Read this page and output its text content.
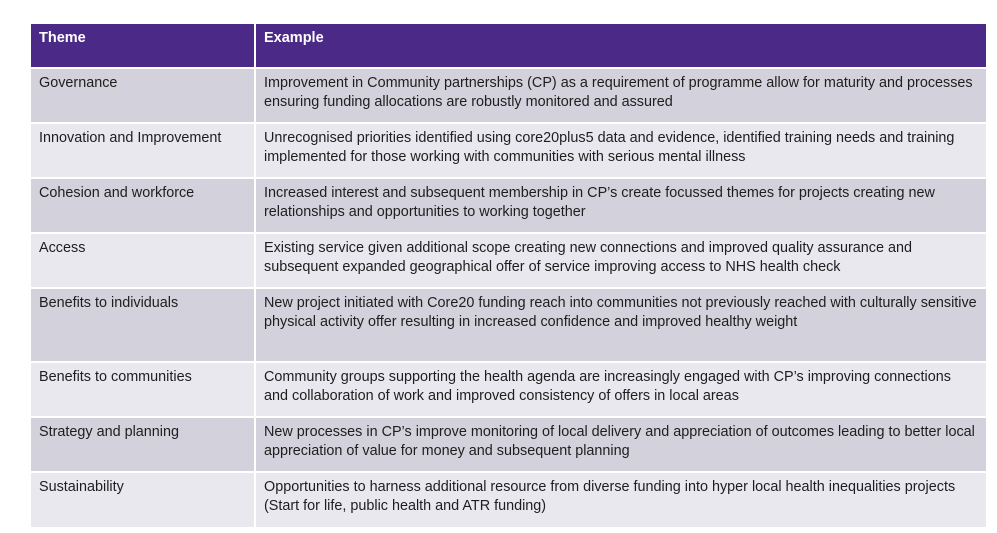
Theme	Example
Governance	Improvement in Community partnerships (CP) as a requirement of programme allow for maturity and processes ensuring funding allocations are robustly monitored and assured
Innovation and Improvement	Unrecognised priorities identified using core20plus5 data and evidence, identified training needs and training implemented for those working with communities with serious mental illness
Cohesion and workforce	Increased interest and subsequent membership in CP’s create focussed themes for projects creating new relationships and opportunities to working together
Access	Existing service given additional scope creating new connections and improved quality assurance and subsequent expanded geographical offer of service improving access to NHS health check
Benefits to individuals	New project initiated with Core20 funding reach into communities not previously reached with culturally sensitive physical activity offer resulting in increased confidence and improved healthy weight
Benefits to communities	Community groups supporting the health agenda are increasingly engaged with CP’s improving connections and collaboration of work and improved consistency of offers in local areas
Strategy and planning	New processes in CP’s improve monitoring of local delivery and appreciation of outcomes leading to better local appreciation of value for money and subsequent planning
Sustainability	Opportunities to harness additional resource from diverse funding into hyper local health inequalities projects (Start for life, public health and ATR funding)
